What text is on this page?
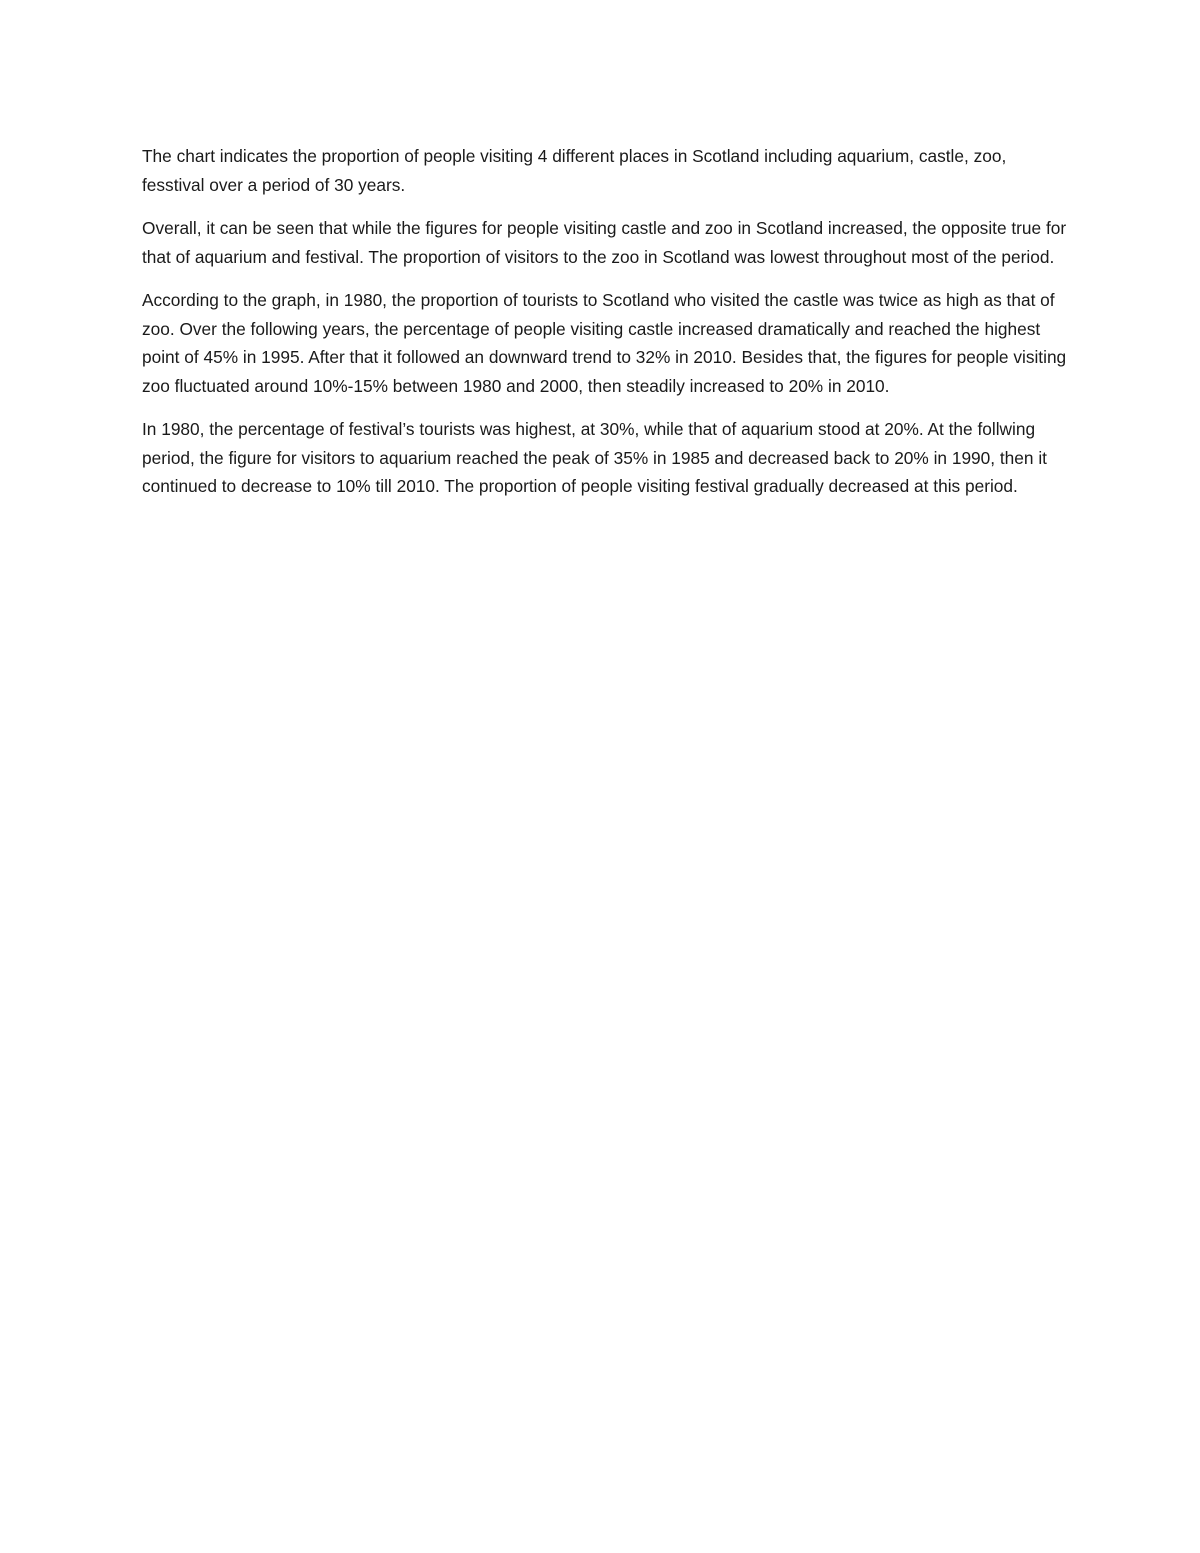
The chart indicates the proportion of people visiting 4 different places in Scotland including aquarium, castle, zoo, fesstival over a period of 30 years.

Overall, it can be seen that while the figures for people visiting castle and zoo in Scotland increased, the opposite true for that of aquarium and festival. The proportion of visitors to the zoo in Scotland was lowest throughout most of the period.

According to the graph, in 1980, the proportion of tourists to Scotland who visited the castle was twice as high as that of zoo. Over the following years, the percentage of people visiting castle increased dramatically and reached the highest point of 45% in 1995. After that it followed an downward trend to 32% in 2010. Besides that, the figures for people visiting zoo fluctuated around 10%-15% between 1980 and 2000, then steadily increased to 20% in 2010.

In 1980, the percentage of festival’s tourists was highest, at 30%, while that of aquarium stood at 20%. At the follwing period, the figure for visitors to aquarium reached the peak of 35% in 1985 and decreased back to 20% in 1990, then it continued to decrease to 10% till 2010. The proportion of people visiting festival gradually decreased at this period.
